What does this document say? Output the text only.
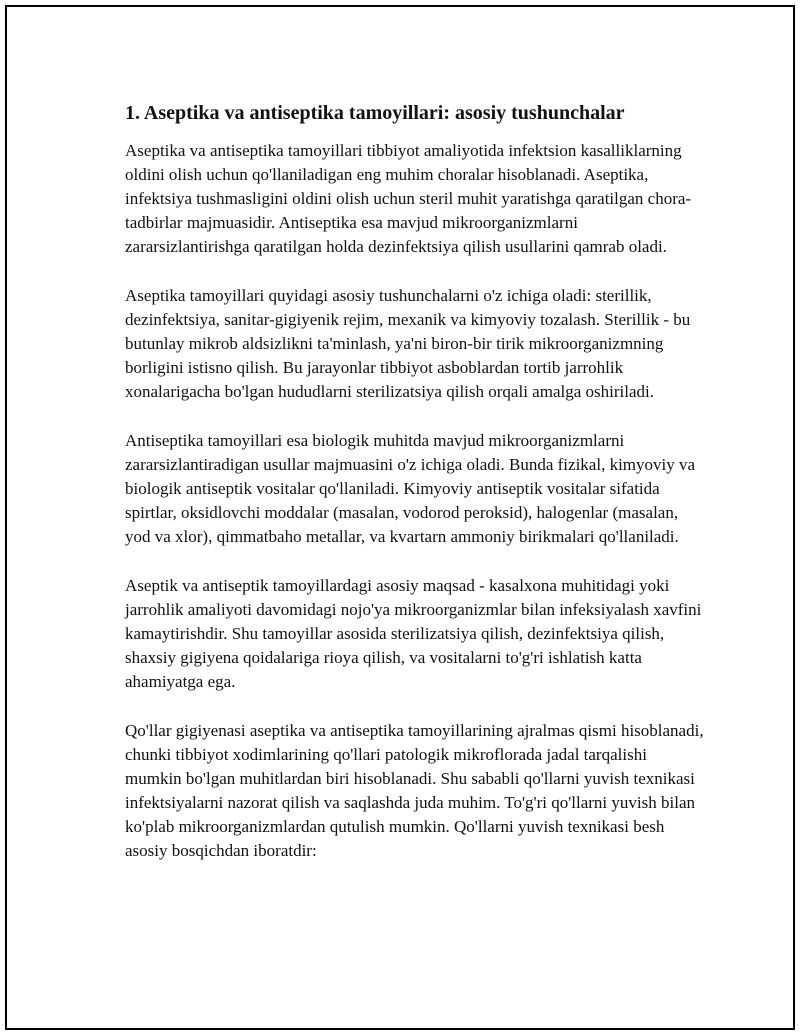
1. Aseptika va antiseptika tamoyillari: asosiy tushunchalar

Aseptika va antiseptika tamoyillari tibbiyot amaliyotida infektsion kasalliklarning oldini olish uchun qo'llaniladigan eng muhim choralar hisoblanadi. Aseptika, infektsiya tushmasligini oldini olish uchun steril muhit yaratishga qaratilgan chora-tadbirlar majmuasidir. Antiseptika esa mavjud mikroorganizmlarni zararsizlantirishga qaratilgan holda dezinfektsiya qilish usullarini qamrab oladi.

Aseptika tamoyillari quyidagi asosiy tushunchalarni o'z ichiga oladi: sterillik, dezinfektsiya, sanitar-gigiyenik rejim, mexanik va kimyoviy tozalash. Sterillik - bu butunlay mikrob aldsizlikni ta'minlash, ya'ni biron-bir tirik mikroorganizmning borligini istisno qilish. Bu jarayonlar tibbiyot asboblardan tortib jarrohlik xonalarigacha bo'lgan hududlarni sterilizatsiya qilish orqali amalga oshiriladi.

Antiseptika tamoyillari esa biologik muhitda mavjud mikroorganizmlarni zararsizlantiradigan usullar majmuasini o'z ichiga oladi. Bunda fizikal, kimyoviy va biologik antiseptik vositalar qo'llaniladi. Kimyoviy antiseptik vositalar sifatida spirtlar, oksidlovchi moddalar (masalan, vodorod peroksid), halogenlar (masalan, yod va xlor), qimmatbaho metallar, va kvartarn ammoniy birikmalari qo'llaniladi.

Aseptik va antiseptik tamoyillardagi asosiy maqsad - kasalxona muhitidagi yoki jarrohlik amaliyoti davomidagi nojo'ya mikroorganizmlar bilan infeksiyalash xavfini kamaytirishdir. Shu tamoyillar asosida sterilizatsiya qilish, dezinfektsiya qilish, shaxsiy gigiyena qoidalariga rioya qilish, va vositalarni to'g'ri ishlatish katta ahamiyatga ega.

Qo'llar gigiyenasi aseptika va antiseptika tamoyillarining ajralmas qismi hisoblanadi, chunki tibbiyot xodimlarining qo'llari patologik mikroflorada jadal tarqalishi mumkin bo'lgan muhitlardan biri hisoblanadi. Shu sababli qo'llarni yuvish texnikasi infektsiyalarni nazorat qilish va saqlashda juda muhim. To'g'ri qo'llarni yuvish bilan ko'plab mikroorganizmlardan qutulish mumkin. Qo'llarni yuvish texnikasi besh asosiy bosqichdan iboratdir:
